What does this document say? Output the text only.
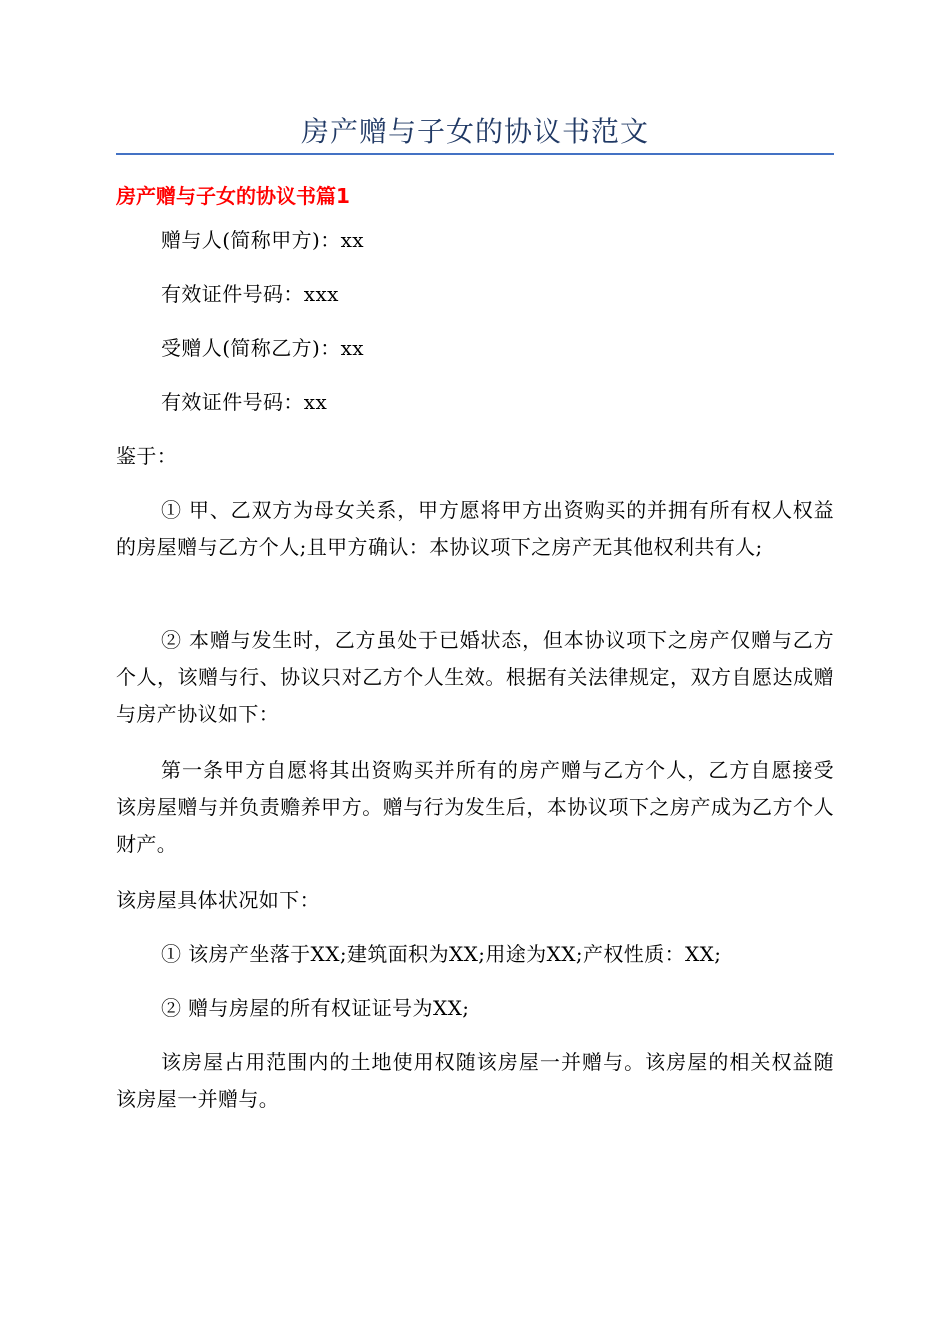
房产赠与子女的协议书范文
房产赠与子女的协议书篇1

赠与人(简称甲方)：xx

有效证件号码：xxx

受赠人(简称乙方)：xx

有效证件号码：xx

鉴于：

① 甲、乙双方为母女关系，甲方愿将甲方出资购买的并拥有所有权人权益的房屋赠与乙方个人;且甲方确认：本协议项下之房产无其他权利共有人;

② 本赠与发生时，乙方虽处于已婚状态，但本协议项下之房产仅赠与乙方个人，该赠与行、协议只对乙方个人生效。根据有关法律规定，双方自愿达成赠与房产协议如下：

第一条甲方自愿将其出资购买并所有的房产赠与乙方个人，乙方自愿接受该房屋赠与并负责赡养甲方。赠与行为发生后，本协议项下之房产成为乙方个人财产。

该房屋具体状况如下：

① 该房产坐落于XX;建筑面积为XX;用途为XX;产权性质：XX;

② 赠与房屋的所有权证证号为XX;

该房屋占用范围内的土地使用权随该房屋一并赠与。该房屋的相关权益随该房屋一并赠与。
